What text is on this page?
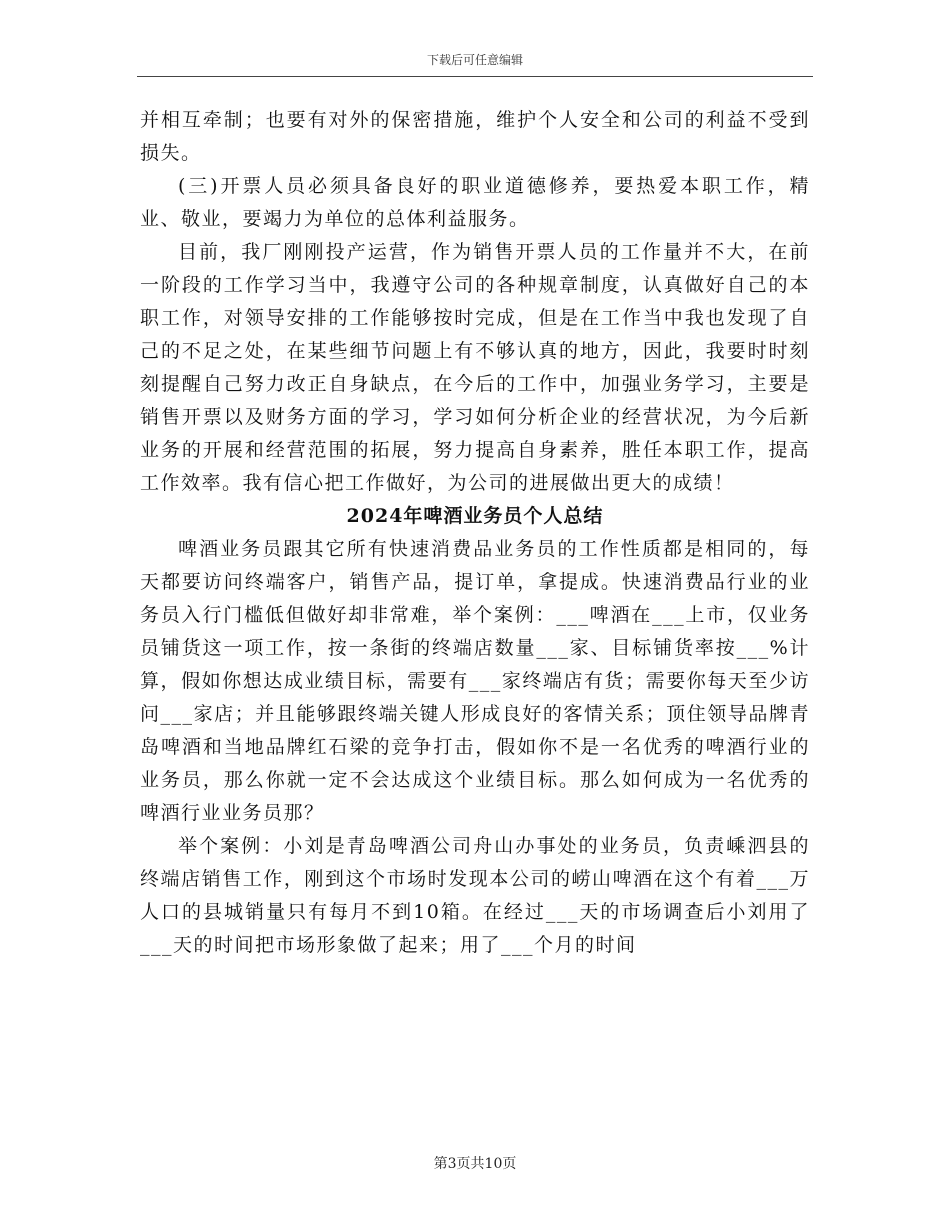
下载后可任意编辑

并相互牵制；也要有对外的保密措施，维护个人安全和公司的利益不受到损失。

(三)开票人员必须具备良好的职业道德修养，要热爱本职工作，精业、敬业，要竭力为单位的总体利益服务。

目前，我厂刚刚投产运营，作为销售开票人员的工作量并不大，在前一阶段的工作学习当中，我遵守公司的各种规章制度，认真做好自己的本职工作，对领导安排的工作能够按时完成，但是在工作当中我也发现了自己的不足之处，在某些细节问题上有不够认真的地方，因此，我要时时刻刻提醒自己努力改正自身缺点，在今后的工作中，加强业务学习，主要是销售开票以及财务方面的学习，学习如何分析企业的经营状况，为今后新业务的开展和经营范围的拓展，努力提高自身素养，胜任本职工作，提高工作效率。我有信心把工作做好，为公司的进展做出更大的成绩！

2024年啤酒业务员个人总结

啤酒业务员跟其它所有快速消费品业务员的工作性质都是相同的，每天都要访问终端客户，销售产品，提订单，拿提成。快速消费品行业的业务员入行门槛低但做好却非常难，举个案例：___啤酒在___上市，仅业务员铺货这一项工作，按一条街的终端店数量___家、目标铺货率按___%计算，假如你想达成业绩目标，需要有___家终端店有货；需要你每天至少访问___家店；并且能够跟终端关键人形成良好的客情关系；顶住领导品牌青岛啤酒和当地品牌红石梁的竞争打击，假如你不是一名优秀的啤酒行业的业务员，那么你就一定不会达成这个业绩目标。那么如何成为一名优秀的啤酒行业业务员那？

举个案例：小刘是青岛啤酒公司舟山办事处的业务员，负责嵊泗县的终端店销售工作，刚到这个市场时发现本公司的崂山啤酒在这个有着___万人口的县城销量只有每月不到10箱。在经过___天的市场调查后小刘用了___天的时间把市场形象做了起来；用了___个月的时间

第3页共10页
